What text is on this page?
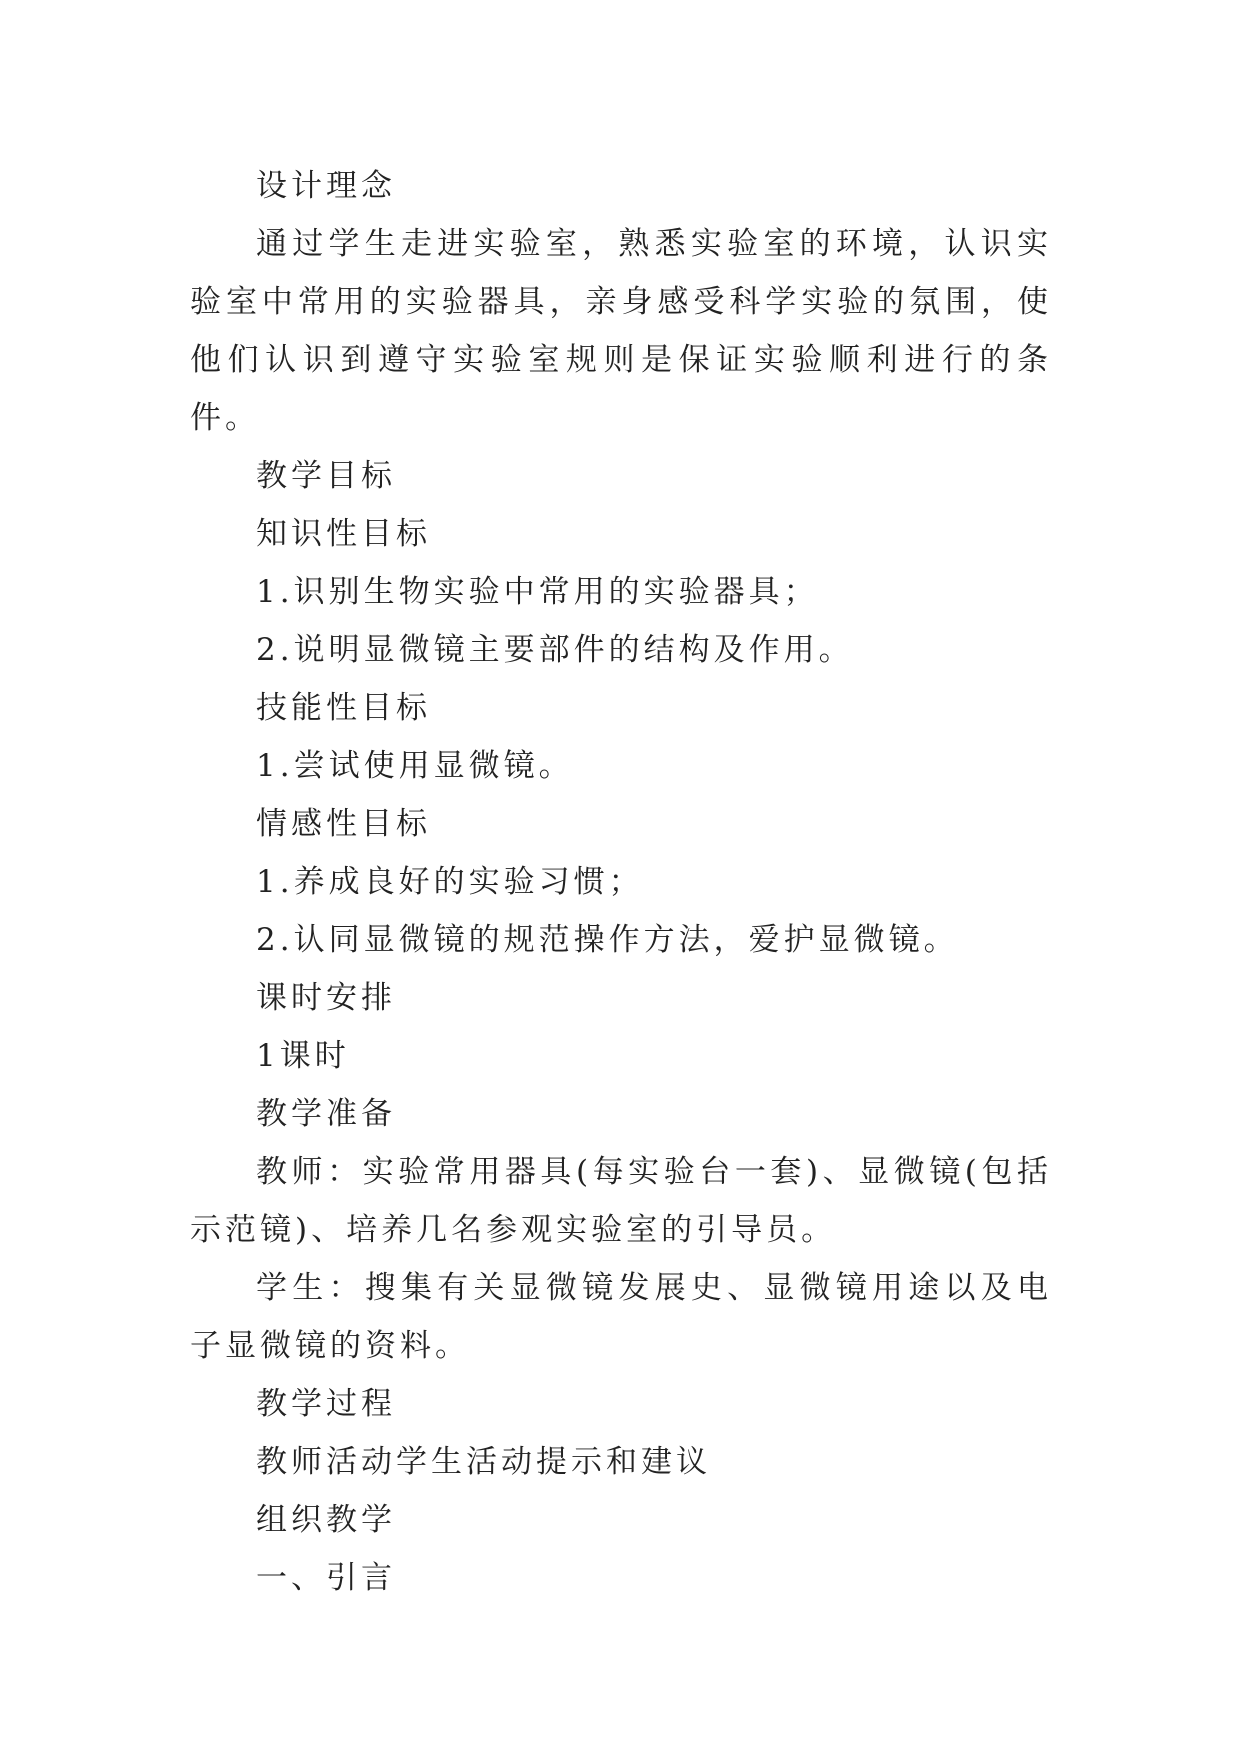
设计理念

通过学生走进实验室，熟悉实验室的环境，认识实验室中常用的实验器具，亲身感受科学实验的氛围，使他们认识到遵守实验室规则是保证实验顺利进行的条件。

教学目标

知识性目标

1.识别生物实验中常用的实验器具；

2.说明显微镜主要部件的结构及作用。

技能性目标

1.尝试使用显微镜。

情感性目标

1.养成良好的实验习惯；

2.认同显微镜的规范操作方法，爱护显微镜。

课时安排

1课时

教学准备

教师：实验常用器具(每实验台一套)、显微镜(包括示范镜)、培养几名参观实验室的引导员。

学生：搜集有关显微镜发展史、显微镜用途以及电子显微镜的资料。

教学过程

教师活动学生活动提示和建议

组织教学

一、引言
